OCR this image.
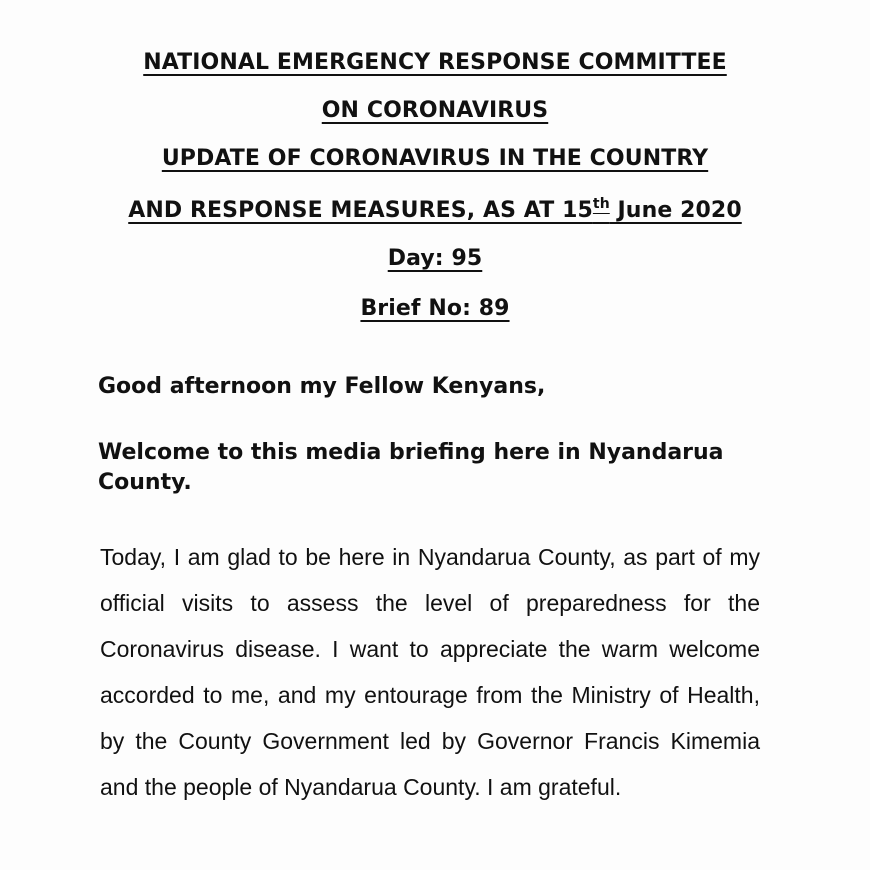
NATIONAL EMERGENCY RESPONSE COMMITTEE
ON CORONAVIRUS
UPDATE OF CORONAVIRUS IN THE COUNTRY
AND RESPONSE MEASURES, AS AT 15th June 2020
Day: 95
Brief No: 89
Good afternoon my Fellow Kenyans,
Welcome to this media briefing here in Nyandarua County.
Today, I am glad to be here in Nyandarua County, as part of my official visits to assess the level of preparedness for the Coronavirus disease. I want to appreciate the warm welcome accorded to me, and my entourage from the Ministry of Health, by the County Government led by Governor Francis Kimemia and the people of Nyandarua County. I am grateful.
